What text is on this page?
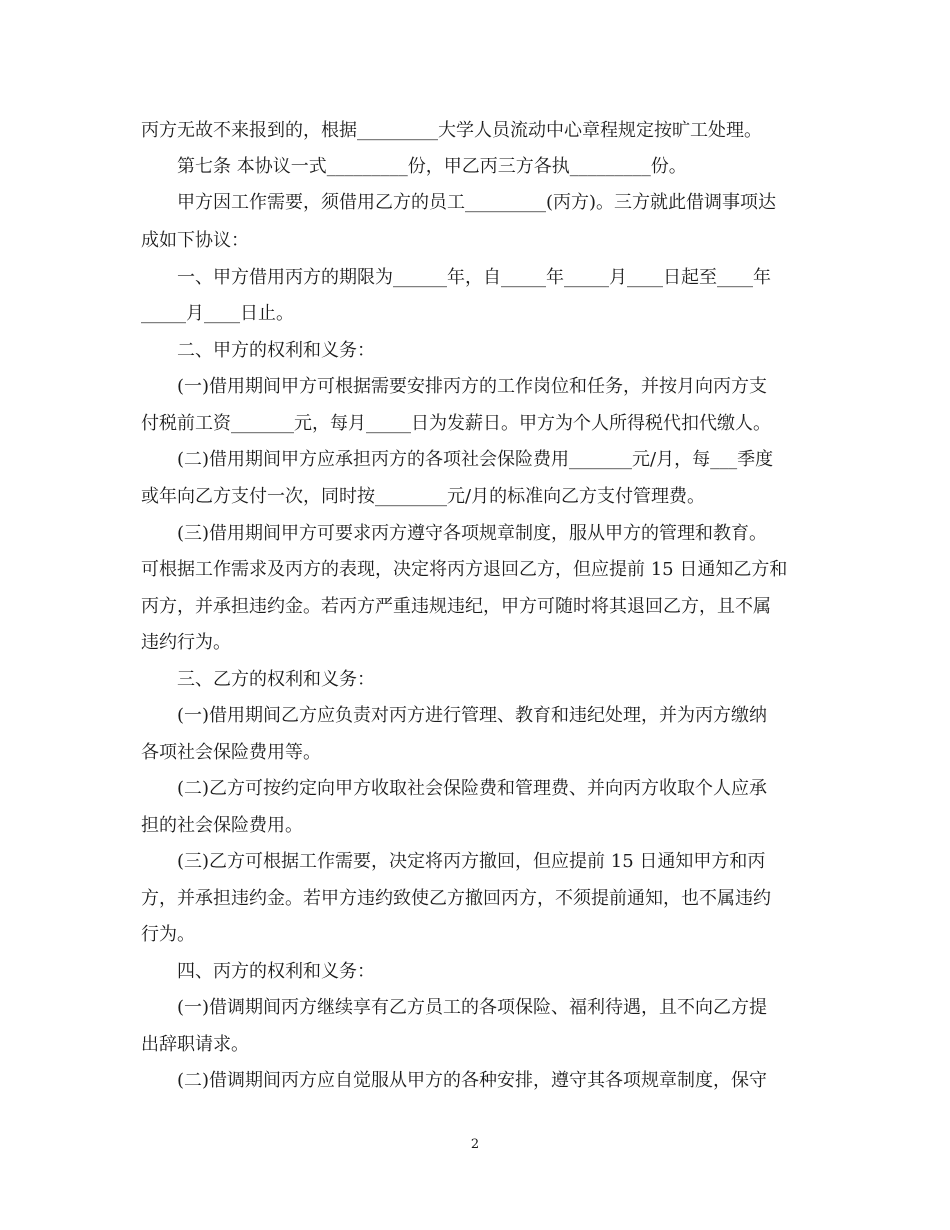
丙方无故不来报到的，根据_________大学人员流动中心章程规定按旷工处理。
第七条 本协议一式_________份，甲乙丙三方各执_________份。
甲方因工作需要，须借用乙方的员工_________(丙方)。三方就此借调事项达
成如下协议：
一、甲方借用丙方的期限为______年，自_____年_____月____日起至____年
_____月____日止。
二、甲方的权利和义务：
(一)借用期间甲方可根据需要安排丙方的工作岗位和任务，并按月向丙方支
付税前工资_______元，每月_____日为发薪日。甲方为个人所得税代扣代缴人。
(二)借用期间甲方应承担丙方的各项社会保险费用_______元/月，每___季度
或年向乙方支付一次，同时按________元/月的标准向乙方支付管理费。
(三)借用期间甲方可要求丙方遵守各项规章制度，服从甲方的管理和教育。
可根据工作需求及丙方的表现，决定将丙方退回乙方，但应提前 15 日通知乙方和
丙方，并承担违约金。若丙方严重违规违纪，甲方可随时将其退回乙方，且不属
违约行为。
三、乙方的权利和义务：
(一)借用期间乙方应负责对丙方进行管理、教育和违纪处理，并为丙方缴纳
各项社会保险费用等。
(二)乙方可按约定向甲方收取社会保险费和管理费、并向丙方收取个人应承
担的社会保险费用。
(三)乙方可根据工作需要，决定将丙方撤回，但应提前 15 日通知甲方和丙
方，并承担违约金。若甲方违约致使乙方撤回丙方，不须提前通知，也不属违约
行为。
四、丙方的权利和义务：
(一)借调期间丙方继续享有乙方员工的各项保险、福利待遇，且不向乙方提
出辞职请求。
(二)借调期间丙方应自觉服从甲方的各种安排，遵守其各项规章制度，保守
2
